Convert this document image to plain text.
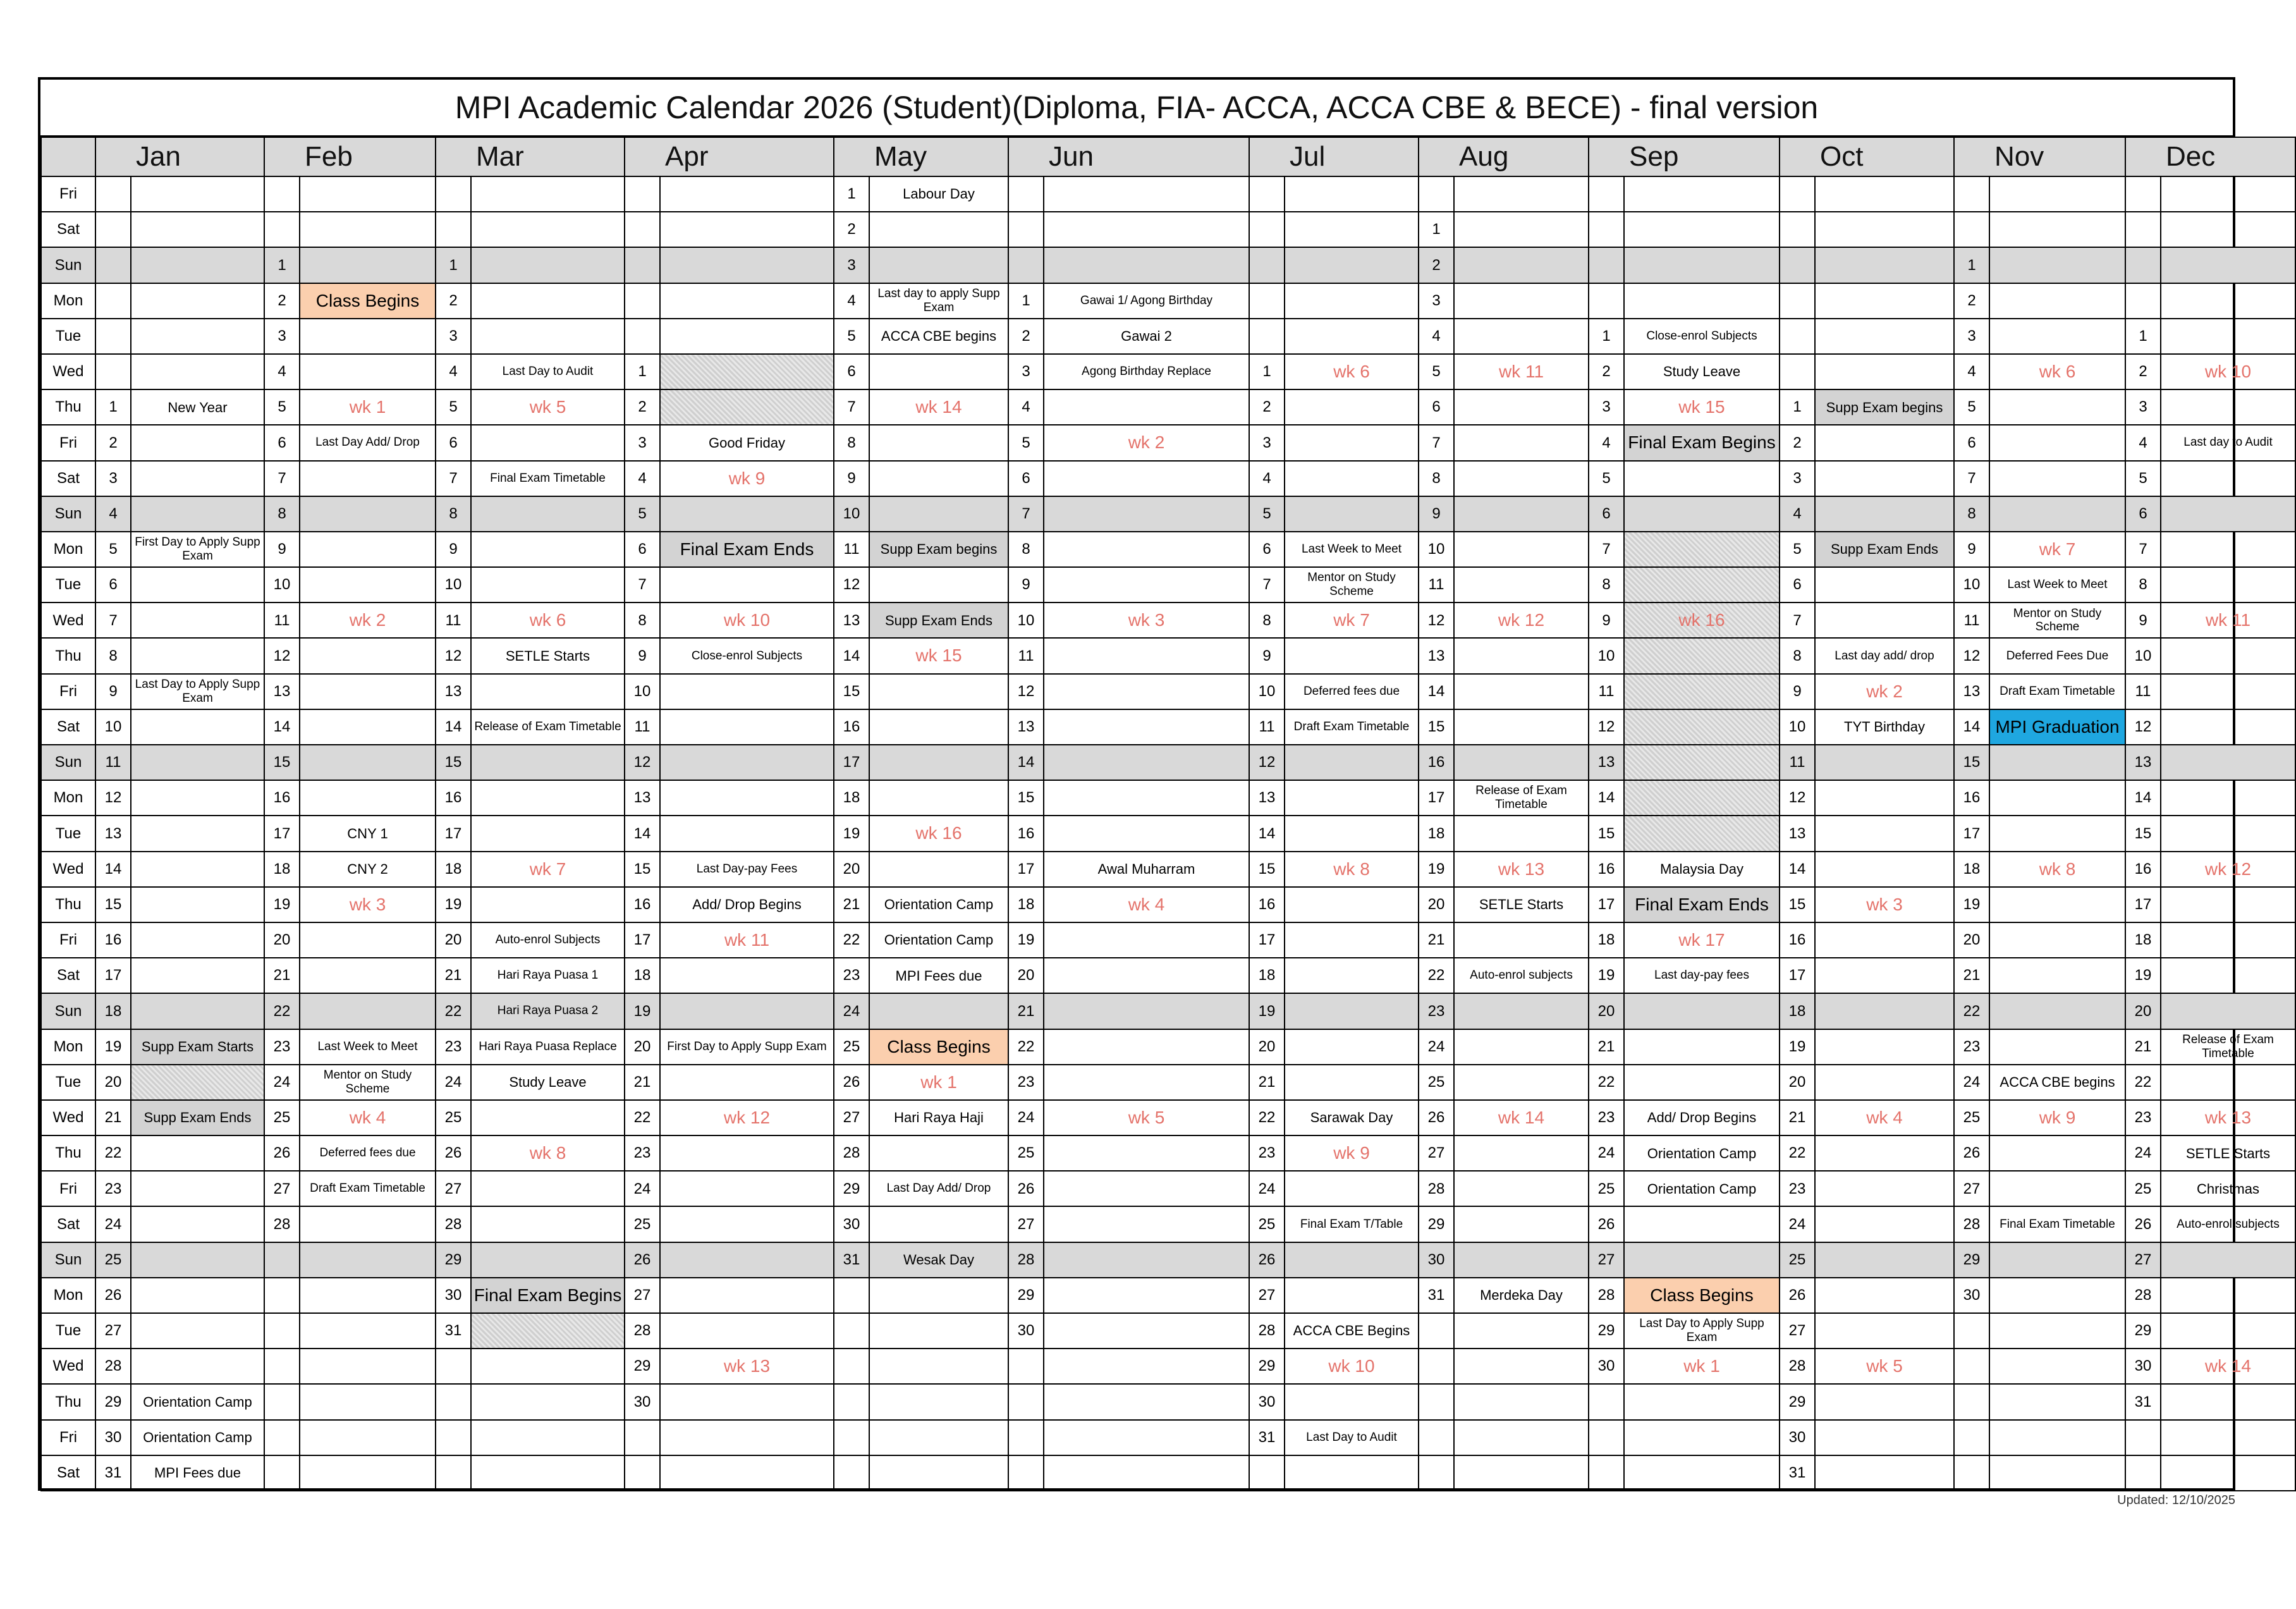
MPI Academic Calendar 2026 (Student)(Diploma, FIA- ACCA, ACCA CBE & BECE) - final version
		Jan		Feb		Mar		Apr		May		Jun		Jul		Aug		Sep		Oct		Nov		Dec
Fri									1	Labour Day														
Sat									2						1									
Sun			1		1				3						2						1			
Mon			2	Class Begins	2				4	Last day to apply Supp Exam	1	Gawai 1/ Agong Birthday			3						2			
Tue			3		3				5	ACCA CBE begins	2	Gawai 2			4		1	Close-enrol Subjects			3		1	
Wed			4		4	Last Day to Audit	1		6		3	Agong Birthday Replace	1	wk 6	5	wk 11	2	Study Leave			4	wk 6	2	wk 10
Thu	1	New Year	5	wk 1	5	wk 5	2		7	wk 14	4		2		6		3	wk 15	1	Supp Exam begins	5		3	
Fri	2		6	Last Day Add/ Drop	6		3	Good Friday	8		5	wk 2	3		7		4	Final Exam Begins	2		6		4	Last day to Audit
Sat	3		7		7	Final Exam Timetable	4	wk 9	9		6		4		8		5		3		7		5	
Sun	4		8		8		5		10		7		5		9		6		4		8		6	
Mon	5	First Day to Apply Supp Exam	9		9		6	Final Exam Ends	11	Supp Exam begins	8		6	Last Week to Meet	10		7		5	Supp Exam Ends	9	wk 7	7	
Tue	6		10		10		7		12		9		7	Mentor on Study Scheme	11		8		6		10	Last Week to Meet	8	
Wed	7		11	wk 2	11	wk 6	8	wk 10	13	Supp Exam Ends	10	wk 3	8	wk 7	12	wk 12	9	wk 16	7		11	Mentor on Study Scheme	9	wk 11
Thu	8		12		12	SETLE Starts	9	Close-enrol Subjects	14	wk 15	11		9		13		10		8	Last day add/ drop	12	Deferred Fees Due	10	
Fri	9	Last Day to Apply Supp Exam	13		13		10		15		12		10	Deferred fees due	14		11		9	wk 2	13	Draft Exam Timetable	11	
Sat	10		14		14	Release of Exam Timetable	11		16		13		11	Draft Exam Timetable	15		12		10	TYT Birthday	14	MPI Graduation	12	
Sun	11		15		15		12		17		14		12		16		13		11		15		13	
Mon	12		16		16		13		18		15		13		17	Release of Exam Timetable	14		12		16		14	
Tue	13		17	CNY 1	17		14		19	wk 16	16		14		18		15		13		17		15	
Wed	14		18	CNY 2	18	wk 7	15	Last Day-pay Fees	20		17	Awal Muharram	15	wk 8	19	wk 13	16	Malaysia Day	14		18	wk 8	16	wk 12
Thu	15		19	wk 3	19		16	Add/ Drop Begins	21	Orientation Camp	18	wk 4	16		20	SETLE Starts	17	Final Exam Ends	15	wk 3	19		17	
Fri	16		20		20	Auto-enrol Subjects	17	wk 11	22	Orientation Camp	19		17		21		18	wk 17	16		20		18	
Sat	17		21		21	Hari Raya Puasa 1	18		23	MPI Fees due	20		18		22	Auto-enrol subjects	19	Last day-pay fees	17		21		19	
Sun	18		22		22	Hari Raya Puasa 2	19		24		21		19		23		20		18		22		20	
Mon	19	Supp Exam Starts	23	Last Week to Meet	23	Hari Raya Puasa Replace	20	First Day to Apply Supp Exam	25	Class Begins	22		20		24		21		19		23		21	Release of Exam Timetable
Tue	20		24	Mentor on Study Scheme	24	Study Leave	21		26	wk 1	23		21		25		22		20		24	ACCA CBE begins	22	
Wed	21	Supp Exam Ends	25	wk 4	25		22	wk 12	27	Hari Raya Haji	24	wk 5	22	Sarawak Day	26	wk 14	23	Add/ Drop Begins	21	wk 4	25	wk 9	23	wk 13
Thu	22		26	Deferred fees due	26	wk 8	23		28		25		23	wk 9	27		24	Orientation Camp	22		26		24	SETLE Starts
Fri	23		27	Draft Exam Timetable	27		24		29	Last Day Add/ Drop	26		24		28		25	Orientation Camp	23		27		25	Christmas
Sat	24		28		28		25		30		27		25	Final Exam T/Table	29		26		24		28	Final Exam Timetable	26	Auto-enrol subjects
Sun	25				29		26		31	Wesak Day	28		26		30		27		25		29		27	
Mon	26				30	Final Exam Begins	27				29		27		31	Merdeka Day	28	Class Begins	26		30		28	
Tue	27				31		28				30		28	ACCA CBE Begins			29	Last Day to Apply Supp Exam	27				29	
Wed	28						29	wk 13					29	wk 10			30	wk 1	28	wk 5			30	wk 14
Thu	29	Orientation Camp					30						30						29				31	
Fri	30	Orientation Camp											31	Last Day to Audit					30					
Sat	31	MPI Fees due																	31					
Updated: 12/10/2025
